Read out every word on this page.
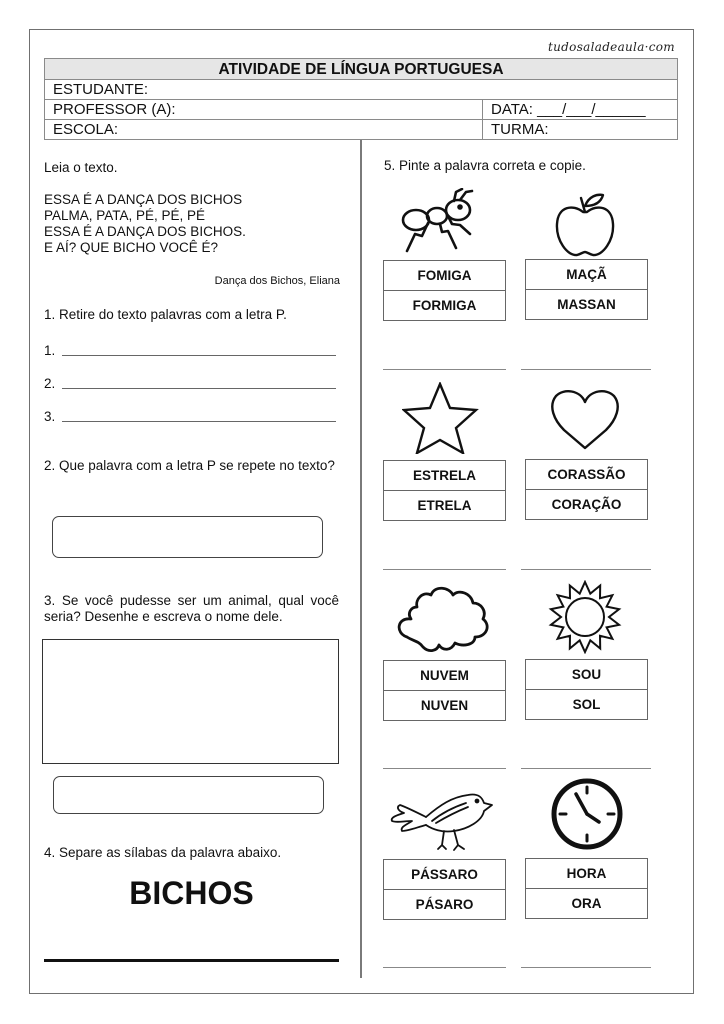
tudosaladeaula·com
ATIVIDADE DE LÍNGUA PORTUGUESA
ESTUDANTE:
PROFESSOR (A):	DATA: ___/___/______
ESCOLA:	TURMA:
Leia o texto.
ESSA É A DANÇA DOS BICHOS
PALMA, PATA, PÉ, PÉ, PÉ
ESSA É A DANÇA DOS BICHOS.
E AÍ? QUE BICHO VOCÊ É?
Dança dos Bichos, Eliana
1. Retire do texto palavras com a letra P.
1.
2.
3.
2. Que palavra com a letra P se repete no texto?
3. Se você pudesse ser um animal, qual você seria? Desenhe e escreva o nome dele.
4. Separe as sílabas da palavra abaixo.
BICHOS
5. Pinte a palavra correta e copie.
FOMIGA
FORMIGA
MAÇÃ
MASSAN
ESTRELA
ETRELA
CORASSÃO
CORAÇÃO
NUVEM
NUVEN
SOU
SOL
PÁSSARO
PÁSARO
HORA
ORA
